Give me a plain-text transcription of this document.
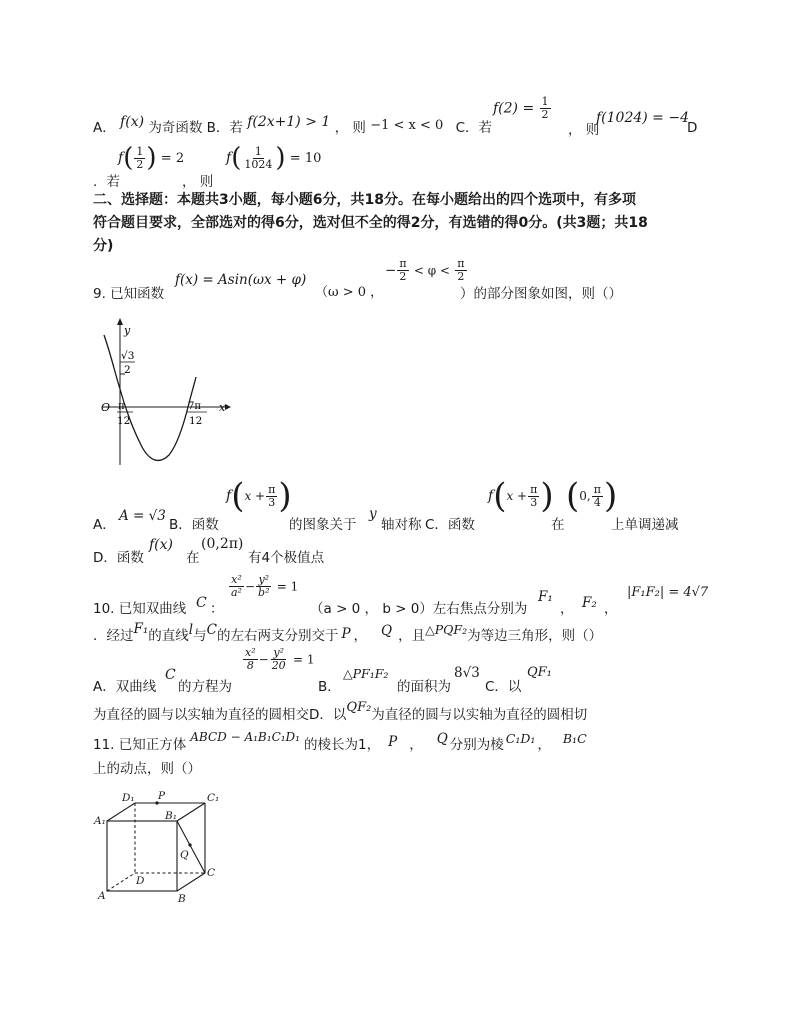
A． f(x) 为奇函数 B．若 f(2x+1) > 1 ， 则 −1 < x < 0 C．若
$f(2) = \frac{1}{2}$
， 则
f(1024) = −4
D
．若
$f( \frac{1}{2}$ ) = 2
， 则
$f( \frac{1}{1024}$ ) = 10
二、选择题：本题共3小题，每小题6分，共18分。在每小题给出的四个选项中，有多项
符合题目要求，全部选对的得6分，选对但不全的得2分，有选错的得0分。(共3题；共18
分)
9. 已知函数
f(x) = Asin(ωx + φ)
（ω > 0 ，
− $\frac{\pi}{2} < \varphi < \frac{\pi}{2}$
）的部分图象如图，则（）
y
x
O
√3
2
π
12
7π
12
A．
A = √3
B．函数
$f(x + \frac{\pi}{3}$ )
的图象关于
y
轴对称 C．函数
$f(x + \frac{\pi}{3}$ )
在
(0, $\frac{\pi}{4}$ )
上单调递减
D．函数
f(x)
在
(0,2π)
有4个极值点
10. 已知双曲线 C ：
$\frac{\text{x²}}{\text{a²}} - \frac{\text{y²}}{\text{b²}} = 1$
（a > 0 ， b > 0）左右焦点分别为
F₁
， F₂ ，
|F₁F₂| = 4√7
．经过F₁的直线l与C的左右两支分别交于 P ， Q ，且△PQF₂为等边三角形，则（）
A．双曲线
C
的方程为
$\frac{\text{x²}}{8} - \frac{\text{y²}}{20} = 1$
B．
△PF₁F₂
的面积为
8√3
C．以
QF₁
为直径的圆与以实轴为直径的圆相交D．以QF₂为直径的圆与以实轴为直径的圆相切
11. 已知正方体 ABCD − A₁B₁C₁D₁ 的棱长为1， P ， Q 分别为棱 C₁D₁ ， B₁C
上的动点，则（）
D₁ P	C₁
A₁	B₁
Q
C
D
A	B
